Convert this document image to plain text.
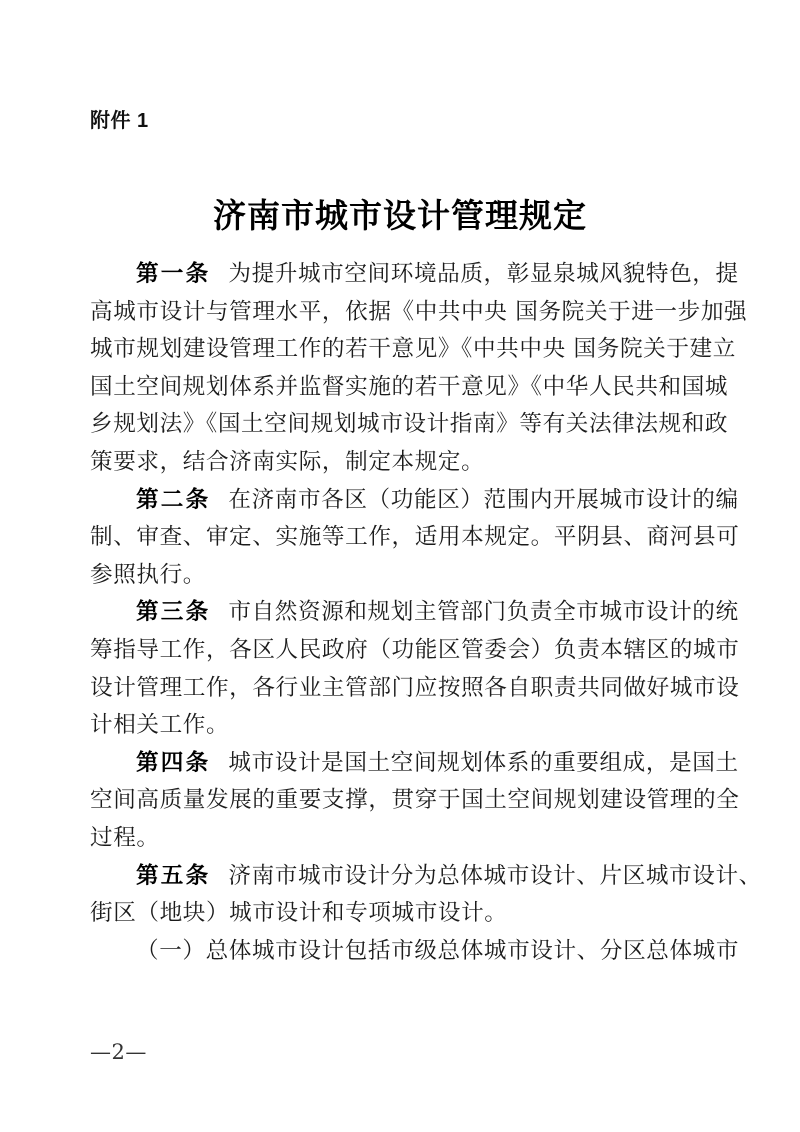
附件 1
济南市城市设计管理规定
第一条 为提升城市空间环境品质，彰显泉城风貌特色，提
高城市设计与管理水平，依据《中共中央 国务院关于进一步加强
城市规划建设管理工作的若干意见》《中共中央 国务院关于建立
国土空间规划体系并监督实施的若干意见》《中华人民共和国城
乡规划法》《国土空间规划城市设计指南》等有关法律法规和政
策要求，结合济南实际，制定本规定。
第二条 在济南市各区（功能区）范围内开展城市设计的编
制、审查、审定、实施等工作，适用本规定。平阴县、商河县可
参照执行。
第三条 市自然资源和规划主管部门负责全市城市设计的统
筹指导工作，各区人民政府（功能区管委会）负责本辖区的城市
设计管理工作，各行业主管部门应按照各自职责共同做好城市设
计相关工作。
第四条 城市设计是国土空间规划体系的重要组成，是国土
空间高质量发展的重要支撑，贯穿于国土空间规划建设管理的全
过程。
第五条 济南市城市设计分为总体城市设计、片区城市设计、
街区（地块）城市设计和专项城市设计。
（一）总体城市设计包括市级总体城市设计、分区总体城市
—2—
